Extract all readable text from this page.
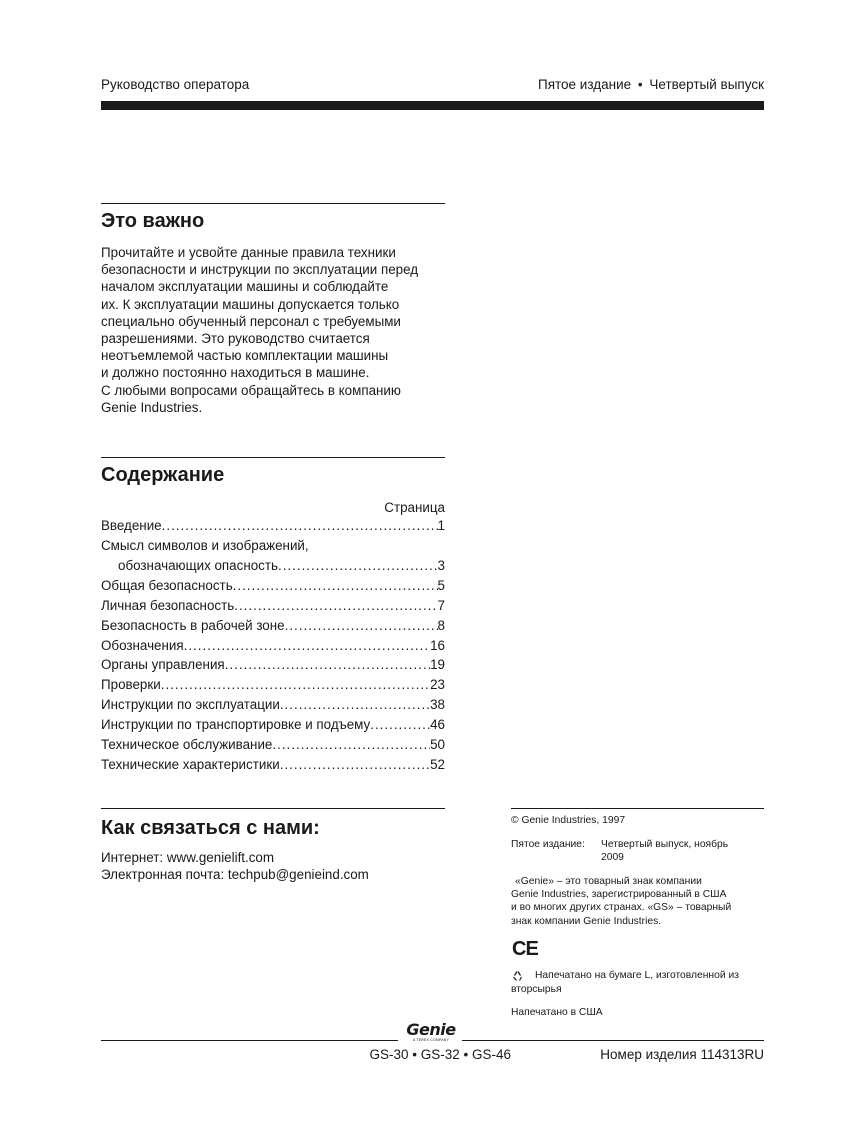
Руководство оператора	Пятое издание • Четвертый выпуск
Это важно
Прочитайте и усвойте данные правила техники
безопасности и инструкции по эксплуатации перед
началом эксплуатации машины и соблюдайте
их. К эксплуатации машины допускается только
специально обученный персонал с требуемыми
разрешениями. Это руководство считается
неотъемлемой частью комплектации машины
и должно постоянно находиться в машине.
С любыми вопросами обращайтесь в компанию
Genie Industries.
Содержание
Страница
Введение .....	1
Смысл символов и изображений,
обозначающих опасность .....	3
Общая безопасность .....	5
Личная безопасность .....	7
Безопасность в рабочей зоне .....	8
Обозначения .....	16
Органы управления .....	19
Проверки .....	23
Инструкции по эксплуатации .....	38
Инструкции по транспортировке и подъему .....	46
Техническое обслуживание .....	50
Технические характеристики .....	52
Как связаться с нами:
Интернет: www.genielift.com
Электронная почта: techpub@genieind.com
© Genie Industries, 1997
Пятое издание: Четвертый выпуск, ноябрь
2009
«Genie» – это товарный знак компании
Genie Industries, зарегистрированный в США
и во многих других странах. «GS» – товарный
знак компании Genie Industries.
CE
Напечатано на бумаге L, изготовленной из
вторсырья
Напечатано в США
Genie
A TEREX COMPANY
GS-30 • GS-32 • GS-46	Номер изделия 114313RU
